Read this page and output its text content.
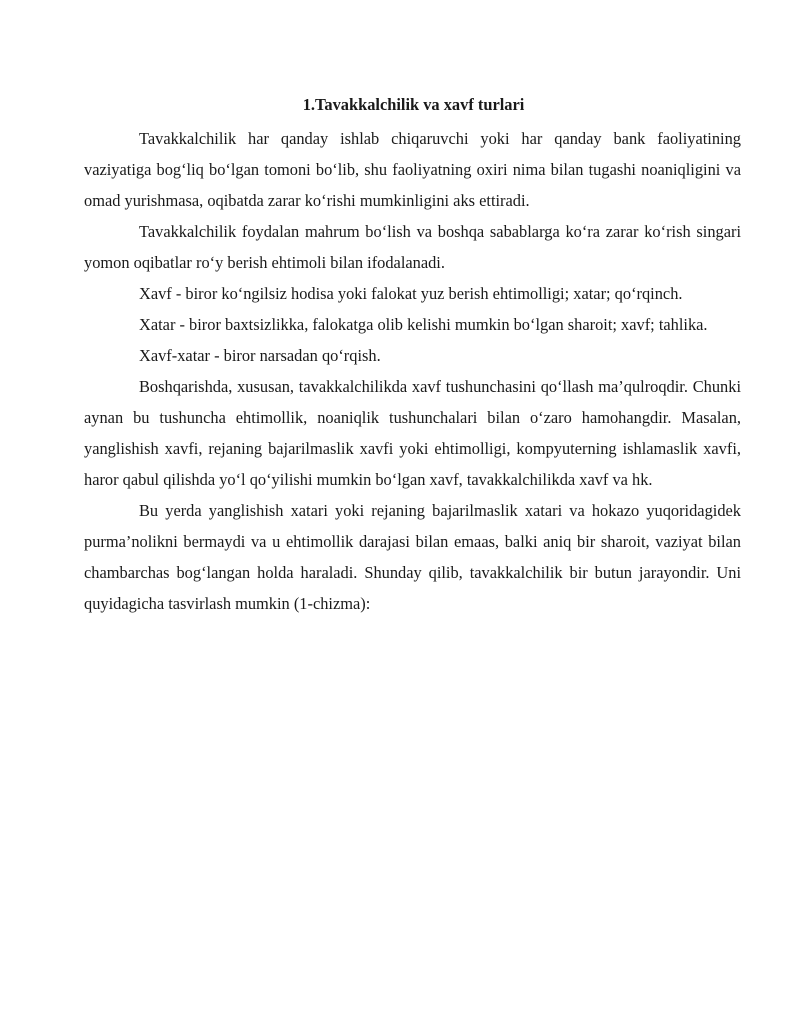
1.Tavakkalchilik va xavf turlari

Tavakkalchilik har qanday ishlab chiqaruvchi yoki har qanday bank faoliyatining vaziyatiga bog‘liq bo‘lgan tomoni bo‘lib, shu faoliyatning oxiri nima bilan tugashi noaniqligini va omad yurishmasa, oqibatda zarar ko‘rishi mumkinligini aks ettiradi.

Tavakkalchilik foydalan mahrum bo‘lish va boshqa sabablarga ko‘ra zarar ko‘rish singari yomon oqibatlar ro‘y berish ehtimoli bilan ifodalanadi.

Xavf - biror ko‘ngilsiz hodisa yoki falokat yuz berish ehtimolligi; xatar; qo‘rqinch.

Xatar - biror baxtsizlikka, falokatga olib kelishi mumkin bo‘lgan sharoit; xavf; tahlika.

Xavf-xatar - biror narsadan qo‘rqish.

Boshqarishda, xususan, tavakkalchilikda xavf tushunchasini qo‘llash ma’qulroqdir. Chunki aynan bu tushuncha ehtimollik, noaniqlik tushunchalari bilan o‘zaro hamohangdir. Masalan, yanglishish xavfi, rejaning bajarilmaslik xavfi yoki ehtimolligi, kompyuterning ishlamaslik xavfi, haror qabul qilishda yo‘l qo‘yilishi mumkin bo‘lgan xavf, tavakkalchilikda xavf va hk.

Bu yerda yanglishish xatari yoki rejaning bajarilmaslik xatari va hokazo yuqoridagidek purma’nolikni bermaydi va u ehtimollik darajasi bilan emaas, balki aniq bir sharoit, vaziyat bilan chambarchas bog‘langan holda haraladi. Shunday qilib, tavakkalchilik bir butun jarayondir. Uni quyidagicha tasvirlash mumkin (1-chizma):
